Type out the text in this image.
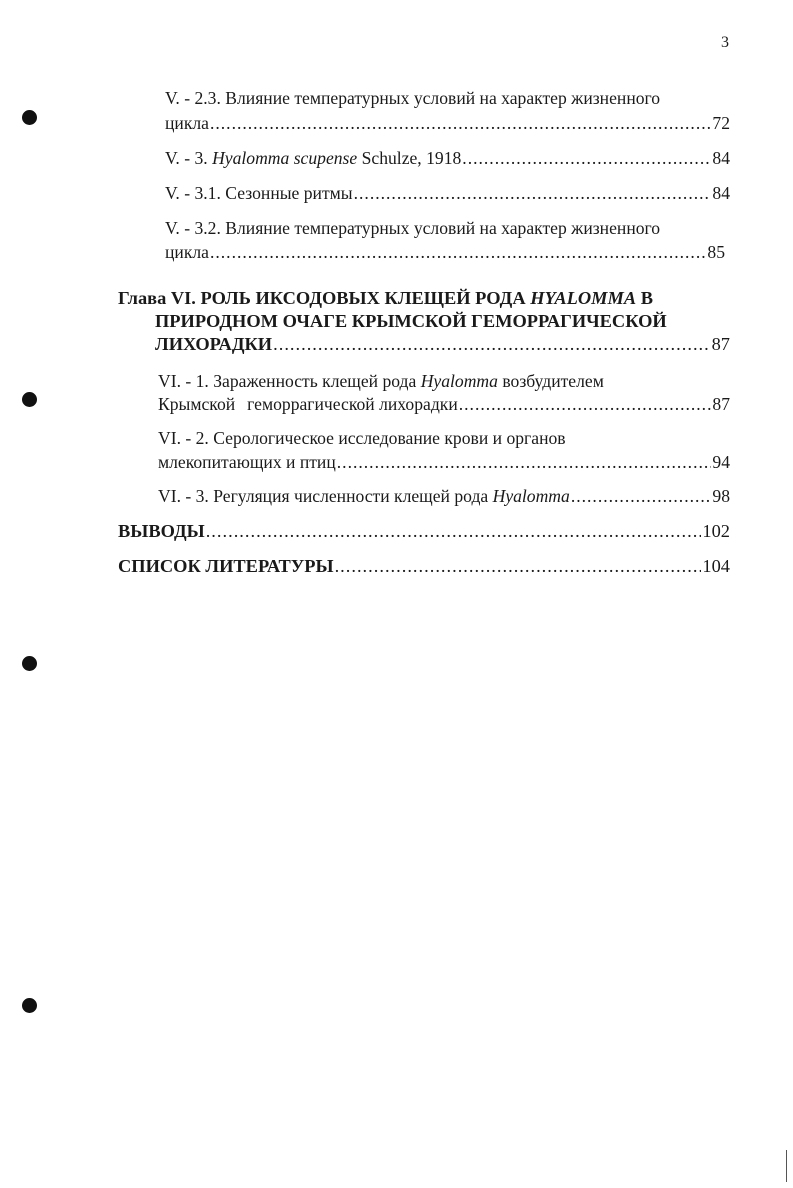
3
V. - 2.3. Влияние температурных условий на характер жизненного
цикла .....	72
V. - 3. Hyalomma scupense Schulze, 1918 .....	84
V. - 3.1. Сезонные ритмы .....	84
V. - 3.2. Влияние температурных условий на характер жизненного
цикла .....	85
Глава VI. РОЛЬ ИКСОДОВЫХ КЛЕЩЕЙ РОДА HYALOMMA В
ПРИРОДНОМ ОЧАГЕ КРЫМСКОЙ ГЕМОРРАГИЧЕСКОЙ
ЛИХОРАДКИ .....	87
VI. - 1. Зараженность клещей рода Hyalomma возбудителем
Крымской геморрагической лихорадки .....	87
VI. - 2. Серологическое исследование крови и органов
млекопитающих и птиц .....	94
VI. - 3. Регуляция численности клещей рода Hyalomma .....	98
ВЫВОДЫ .....	102
СПИСОК ЛИТЕРАТУРЫ .....	104
